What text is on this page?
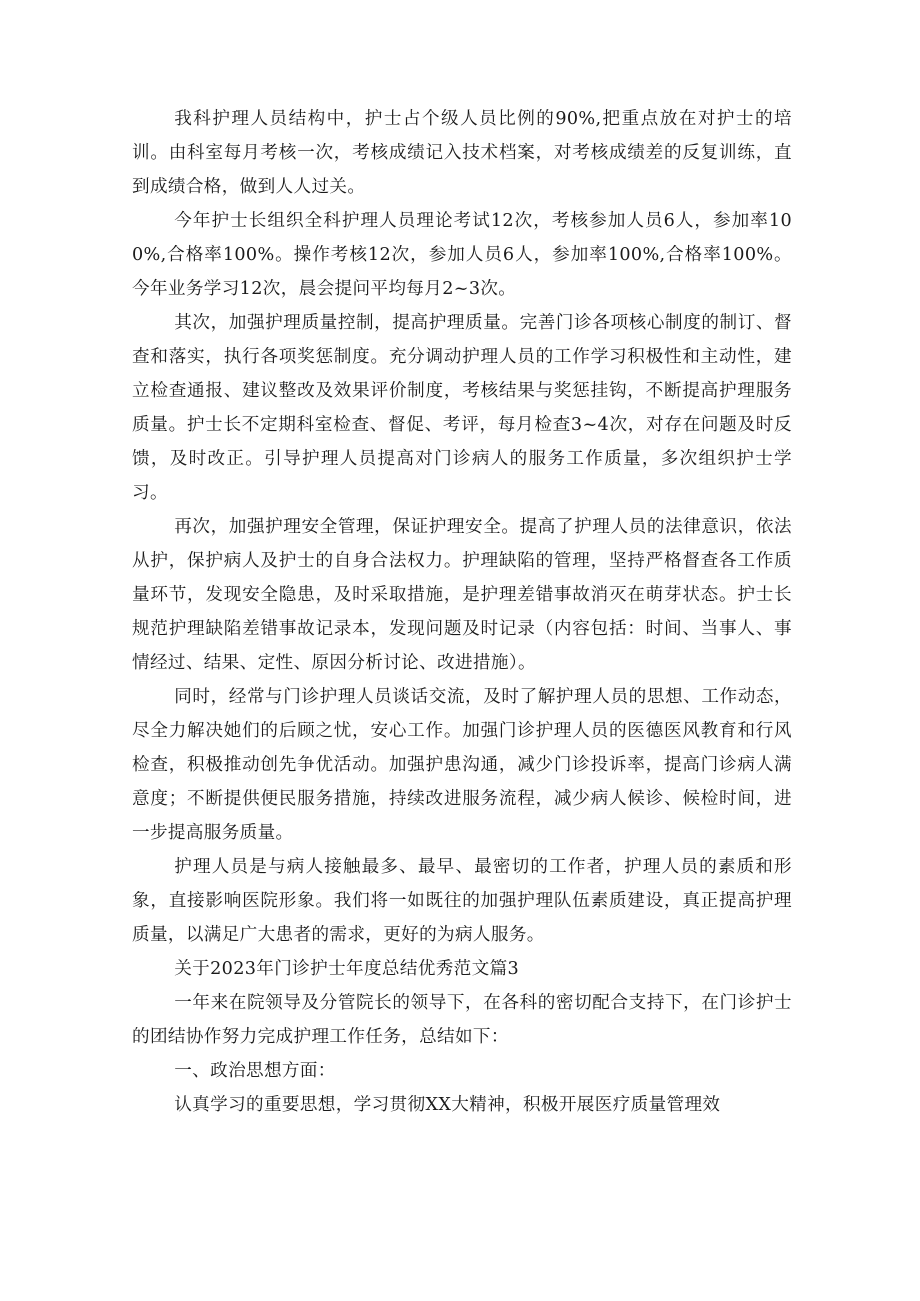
我科护理人员结构中，护士占个级人员比例的90%,把重点放在对护士的培训。由科室每月考核一次，考核成绩记入技术档案，对考核成绩差的反复训练，直到成绩合格，做到人人过关。

今年护士长组织全科护理人员理论考试12次，考核参加人员6人，参加率100%,合格率100%。操作考核12次，参加人员6人，参加率100%,合格率100%。今年业务学习12次，晨会提问平均每月2~3次。

其次，加强护理质量控制，提高护理质量。完善门诊各项核心制度的制订、督查和落实，执行各项奖惩制度。充分调动护理人员的工作学习积极性和主动性，建立检查通报、建议整改及效果评价制度，考核结果与奖惩挂钩，不断提高护理服务质量。护士长不定期科室检查、督促、考评，每月检查3~4次，对存在问题及时反馈，及时改正。引导护理人员提高对门诊病人的服务工作质量，多次组织护士学习。

再次，加强护理安全管理，保证护理安全。提高了护理人员的法律意识，依法从护，保护病人及护士的自身合法权力。护理缺陷的管理，坚持严格督查各工作质量环节，发现安全隐患，及时采取措施，是护理差错事故消灭在萌芽状态。护士长规范护理缺陷差错事故记录本，发现问题及时记录（内容包括：时间、当事人、事情经过、结果、定性、原因分析讨论、改进措施）。

同时，经常与门诊护理人员谈话交流，及时了解护理人员的思想、工作动态，尽全力解决她们的后顾之忧，安心工作。加强门诊护理人员的医德医风教育和行风检查，积极推动创先争优活动。加强护患沟通，减少门诊投诉率，提高门诊病人满意度；不断提供便民服务措施，持续改进服务流程，减少病人候诊、候检时间，进一步提高服务质量。

护理人员是与病人接触最多、最早、最密切的工作者，护理人员的素质和形象，直接影响医院形象。我们将一如既往的加强护理队伍素质建设，真正提高护理质量，以满足广大患者的需求，更好的为病人服务。

关于2023年门诊护士年度总结优秀范文篇3

一年来在院领导及分管院长的领导下，在各科的密切配合支持下，在门诊护士的团结协作努力完成护理工作任务，总结如下：

一、政治思想方面：

认真学习的重要思想，学习贯彻XX大精神，积极开展医疗质量管理效
